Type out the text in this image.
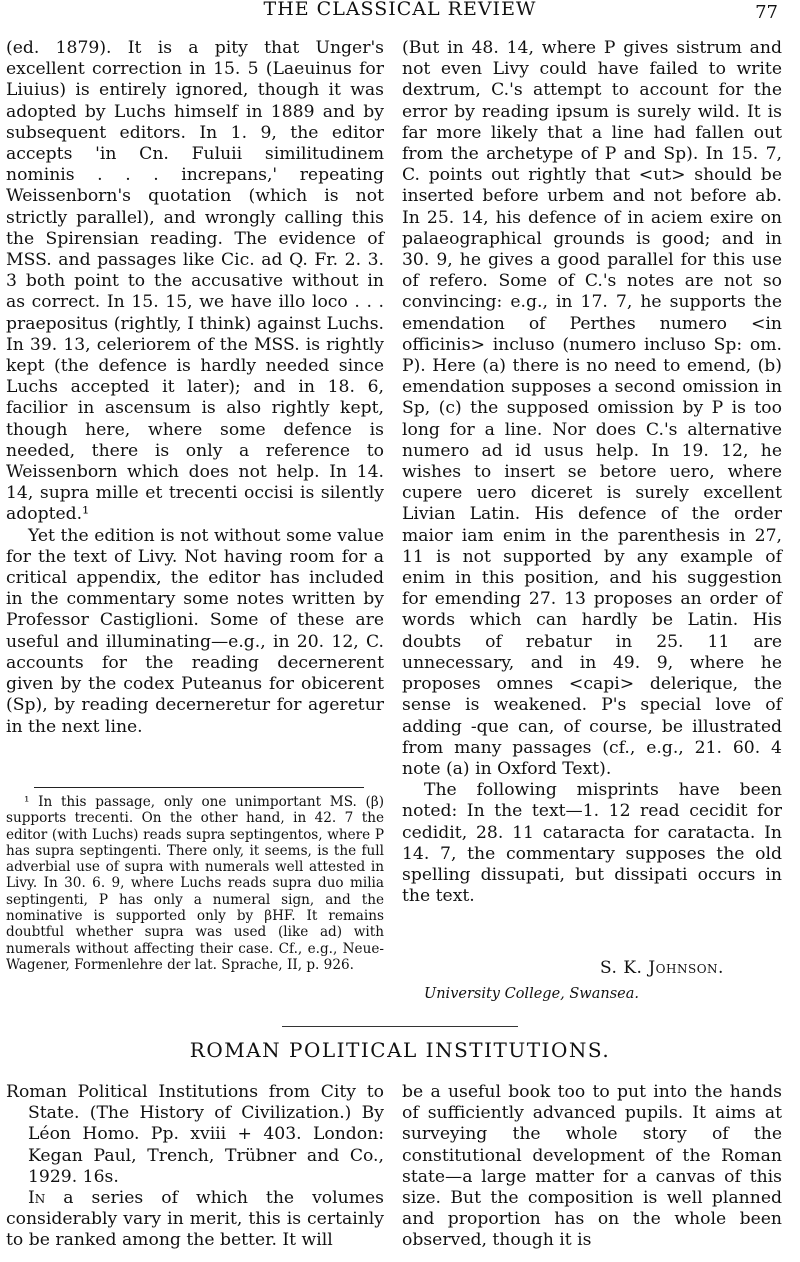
THE CLASSICAL REVIEW	77

(ed. 1879). It is a pity that Unger's excellent correction in 15. 5 (Laeuinus for Liuius) is entirely ignored, though it was adopted by Luchs himself in 1889 and by subsequent editors. In 1. 9, the editor accepts 'in Cn. Fuluii similitudinem nominis . . . increpans,' repeating Weissenborn's quotation (which is not strictly parallel), and wrongly calling this the Spirensian reading. The evidence of MSS. and passages like Cic. ad Q. Fr. 2. 3. 3 both point to the accusative without in as correct. In 15. 15, we have illo loco . . . praepositus (rightly, I think) against Luchs. In 39. 13, celeriorem of the MSS. is rightly kept (the defence is hardly needed since Luchs accepted it later); and in 18. 6, facilior in ascensum is also rightly kept, though here, where some defence is needed, there is only a reference to Weissenborn which does not help. In 14. 14, supra mille et trecenti occisi is silently adopted.¹

Yet the edition is not without some value for the text of Livy. Not having room for a critical appendix, the editor has included in the commentary some notes written by Professor Castiglioni. Some of these are useful and illuminating—e.g., in 20. 12, C. accounts for the reading decernerent given by the codex Puteanus for obicerent (Sp), by reading decerneretur for ageretur in the next line.

¹ In this passage, only one unimportant MS. (β) supports trecenti. On the other hand, in 42. 7 the editor (with Luchs) reads supra septingentos, where P has supra septingenti. There only, it seems, is the full adverbial use of supra with numerals well attested in Livy. In 30. 6. 9, where Luchs reads supra duo milia septingenti, P has only a numeral sign, and the nominative is supported only by βHF. It remains doubtful whether supra was used (like ad) with numerals without affecting their case. Cf., e.g., Neue-Wagener, Formenlehre der lat. Sprache, II, p. 926.

(But in 48. 14, where P gives sistrum and not even Livy could have failed to write dextrum, C.'s attempt to account for the error by reading ipsum is surely wild. It is far more likely that a line had fallen out from the archetype of P and Sp). In 15. 7, C. points out rightly that <ut> should be inserted before urbem and not before ab. In 25. 14, his defence of in aciem exire on palaeographical grounds is good; and in 30. 9, he gives a good parallel for this use of refero. Some of C.'s notes are not so convincing: e.g., in 17. 7, he supports the emendation of Perthes numero <in officinis> incluso (numero incluso Sp: om. P). Here (a) there is no need to emend, (b) emendation supposes a second omission in Sp, (c) the supposed omission by P is too long for a line. Nor does C.'s alternative numero ad id usus help. In 19. 12, he wishes to insert se betore uero, where cupere uero diceret is surely excellent Livian Latin. His defence of the order maior iam enim in the parenthesis in 27, 11 is not supported by any example of enim in this position, and his suggestion for emending 27. 13 proposes an order of words which can hardly be Latin. His doubts of rebatur in 25. 11 are unnecessary, and in 49. 9, where he proposes omnes <capi> delerique, the sense is weakened. P's special love of adding -que can, of course, be illustrated from many passages (cf., e.g., 21. 60. 4 note (a) in Oxford Text).

The following misprints have been noted: In the text—1. 12 read cecidit for cedidit, 28. 11 cataracta for caratacta. In 14. 7, the commentary supposes the old spelling dissupati, but dissipati occurs in the text.

S. K. Johnson.
University College, Swansea.
ROMAN POLITICAL INSTITUTIONS.

Roman Political Institutions from City to State. (The History of Civilization.) By Léon Homo. Pp. xviii + 403. London: Kegan Paul, Trench, Trübner and Co., 1929. 16s.

In a series of which the volumes considerably vary in merit, this is certainly to be ranked among the better. It will

be a useful book too to put into the hands of sufficiently advanced pupils. It aims at surveying the whole story of the constitutional development of the Roman state—a large matter for a canvas of this size. But the composition is well planned and proportion has on the whole been observed, though it is
